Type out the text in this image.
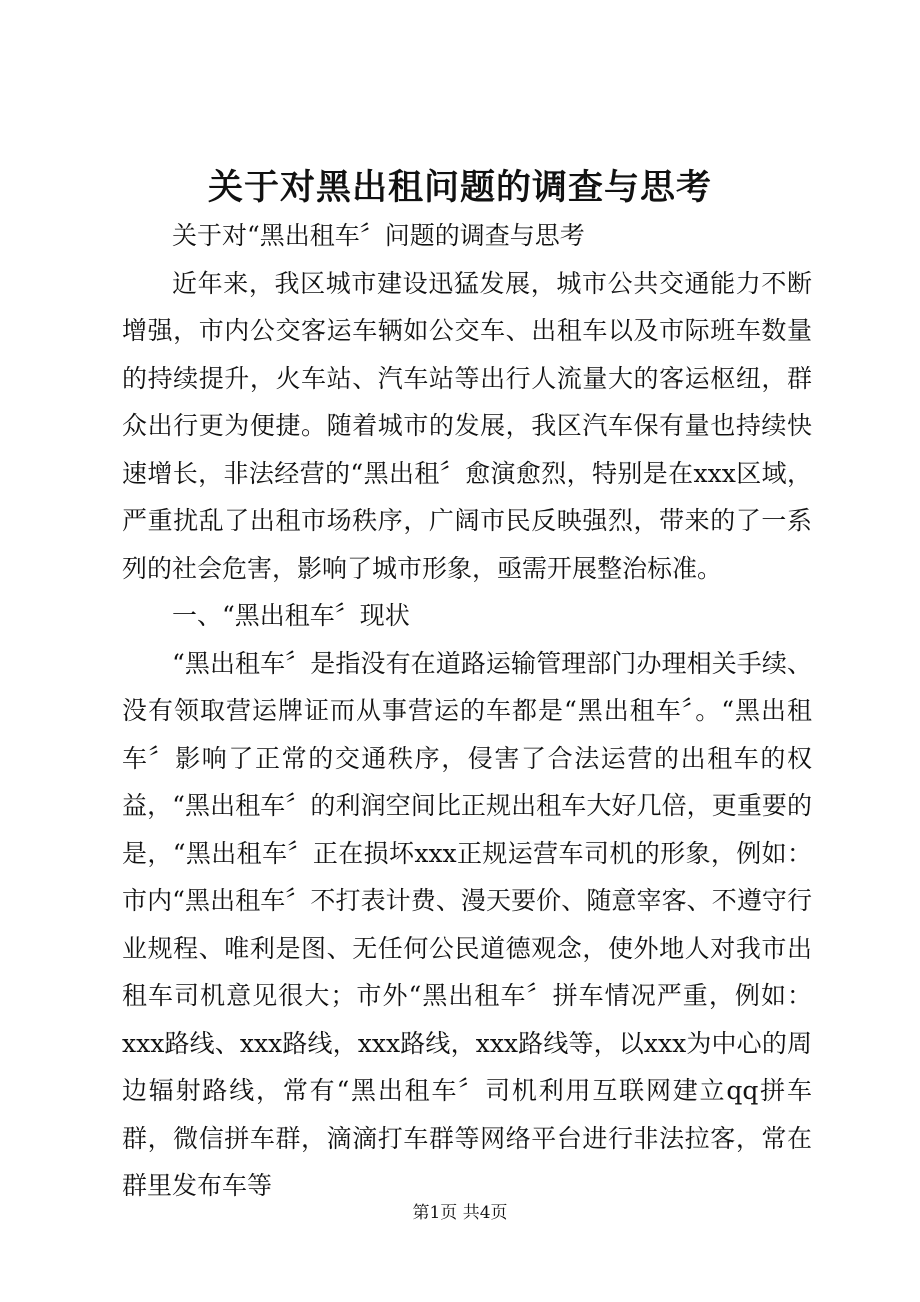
关于对黑出租问题的调查与思考

关于对“黑出租车〞问题的调查与思考

近年来，我区城市建设迅猛发展，城市公共交通能力不断增强，市内公交客运车辆如公交车、出租车以及市际班车数量的持续提升，火车站、汽车站等出行人流量大的客运枢纽，群众出行更为便捷。随着城市的发展，我区汽车保有量也持续快速增长，非法经营的“黑出租〞愈演愈烈，特别是在xxx区域，严重扰乱了出租市场秩序，广阔市民反映强烈，带来的了一系列的社会危害，影响了城市形象，亟需开展整治标准。

一、“黑出租车〞现状

“黑出租车〞是指没有在道路运输管理部门办理相关手续、没有领取营运牌证而从事营运的车都是“黑出租车〞。“黑出租车〞影响了正常的交通秩序，侵害了合法运营的出租车的权益，“黑出租车〞的利润空间比正规出租车大好几倍，更重要的是，“黑出租车〞正在损坏xxx正规运营车司机的形象，例如：市内“黑出租车〞不打表计费、漫天要价、随意宰客、不遵守行业规程、唯利是图、无任何公民道德观念，使外地人对我市出租车司机意见很大；市外“黑出租车〞拼车情况严重，例如：xxx路线、xxx路线，xxx路线，xxx路线等，以xxx为中心的周边辐射路线，常有“黑出租车〞司机利用互联网建立qq拼车群，微信拼车群，滴滴打车群等网络平台进行非法拉客，常在群里发布车等

第1页 共4页
